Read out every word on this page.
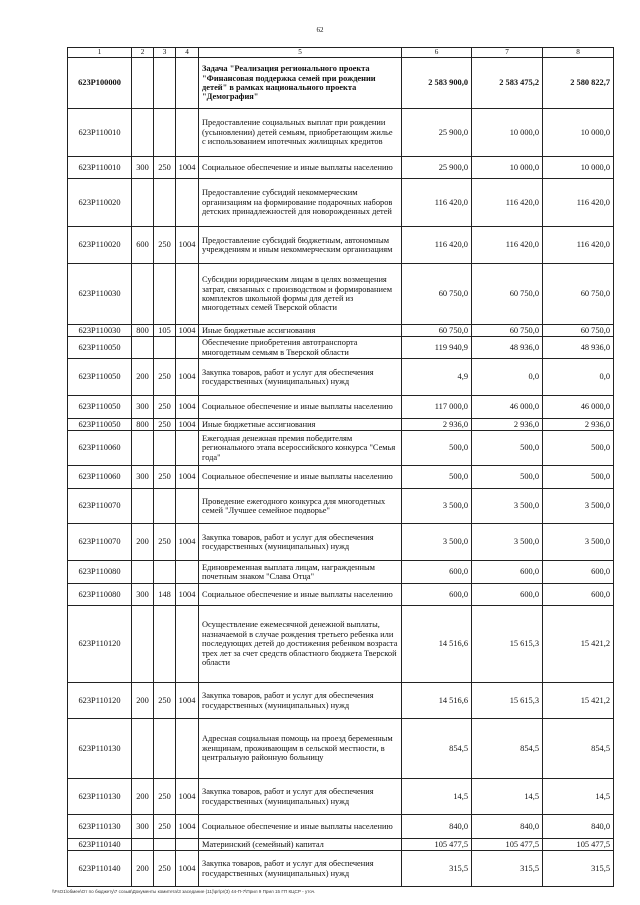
62
1	2	3	4	5	6	7	8
623P100000				Задача "Реализация регионального проекта "Финансовая поддержка семей при рождении детей" в рамках национального проекта "Демография"	2 583 900,0	2 583 475,2	2 580 822,7
623P110010				Предоставление социальных выплат при рождении (усыновлении) детей семьям, приобретающим жилье с использованием ипотечных жилищных кредитов	25 900,0	10 000,0	10 000,0
623P110010	300	250	1004	Социальное обеспечение и иные выплаты населению	25 900,0	10 000,0	10 000,0
623P110020				Предоставление субсидий некоммерческим организациям на формирование подарочных наборов детских принадлежностей для новорожденных детей	116 420,0	116 420,0	116 420,0
623P110020	600	250	1004	Предоставление субсидий бюджетным, автономным учреждениям и иным некоммерческим организациям	116 420,0	116 420,0	116 420,0
623P110030				Субсидии юридическим лицам в целях возмещения затрат, связанных с производством и формированием комплектов школьной формы для детей из многодетных семей Тверской области	60 750,0	60 750,0	60 750,0
623P110030	800	105	1004	Иные бюджетные ассигнования	60 750,0	60 750,0	60 750,0
623P110050				Обеспечение приобретения автотранспорта многодетным семьям в Тверской области	119 940,9	48 936,0	48 936,0
623P110050	200	250	1004	Закупка товаров, работ и услуг для обеспечения государственных (муниципальных) нужд	4,9	0,0	0,0
623P110050	300	250	1004	Социальное обеспечение и иные выплаты населению	117 000,0	46 000,0	46 000,0
623P110050	800	250	1004	Иные бюджетные ассигнования	2 936,0	2 936,0	2 936,0
623P110060				Ежегодная денежная премия победителям регионального этапа всероссийского конкурса "Семья года"	500,0	500,0	500,0
623P110060	300	250	1004	Социальное обеспечение и иные выплаты населению	500,0	500,0	500,0
623P110070				Проведение ежегодного конкурса для многодетных семей "Лучшее семейное подворье"	3 500,0	3 500,0	3 500,0
623P110070	200	250	1004	Закупка товаров, работ и услуг для обеспечения государственных (муниципальных) нужд	3 500,0	3 500,0	3 500,0
623P110080				Единовременная выплата лицам, награжденным почетным знаком "Слава Отца"	600,0	600,0	600,0
623P110080	300	148	1004	Социальное обеспечение и иные выплаты населению	600,0	600,0	600,0
623P110120				Осуществление ежемесячной денежной выплаты, назначаемой в случае рождения третьего ребенка или последующих детей до достижения ребенком возраста трех лет за счет средств областного бюджета Тверской области	14 516,6	15 615,3	15 421,2
623P110120	200	250	1004	Закупка товаров, работ и услуг для обеспечения государственных (муниципальных) нужд	14 516,6	15 615,3	15 421,2
623P110130				Адресная социальная помощь на проезд беременным женщинам, проживающим в сельской местности, в центральную районную больницу	854,5	854,5	854,5
623P110130	200	250	1004	Закупка товаров, работ и услуг для обеспечения государственных (муниципальных) нужд	14,5	14,5	14,5
623P110130	300	250	1004	Социальное обеспечение и иные выплаты населению	840,0	840,0	840,0
623P110140				Материнский (семейный) капитал	105 477,5	105 477,5	105 477,5
623P110140	200	250	1004	Закупка товаров, работ и услуг для обеспечения государственных (муниципальных) нужд	315,5	315,5	315,5
\\FsO1\обмен\От по бюджету\7 созыв\Документы комитета\3 заседание (11)\pr\pr(3) 44-П-7\Прил 9 Прил 15 ГП КЦСР - уточ.
